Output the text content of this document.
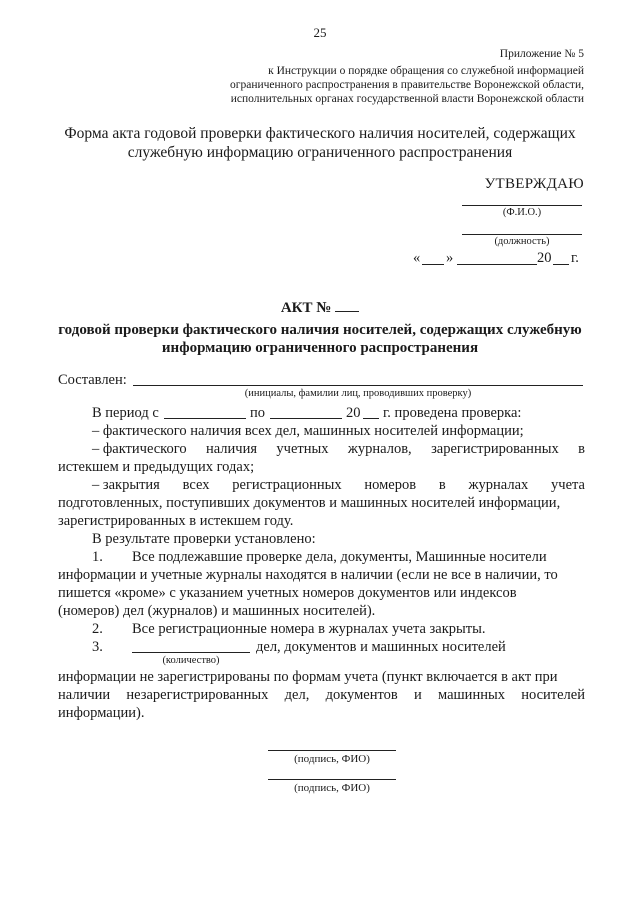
25
Приложение № 5
к Инструкции о порядке обращения со служебной информацией
ограниченного распространения в правительстве Воронежской области,
исполнительных органах государственной власти Воронежской области
Форма акта годовой проверки фактического наличия носителей, содержащих
служебную информацию ограниченного распространения
УТВЕРЖДАЮ
(Ф.И.О.)
(должность)
« »	20 г.
АКТ №
годовой проверки фактического наличия носителей, содержащих служебную
информацию ограниченного распространения
Составлен:
(инициалы, фамилии лиц, проводивших проверку)
В период с	по	20 г. проведена проверка:
– фактического наличия всех дел, машинных носителей информации;
– фактического наличия учетных журналов, зарегистрированных в
истекшем и предыдущих годах;
– закрытия всех регистрационных номеров в журналах учета
подготовленных, поступивших документов и машинных носителей информации,
зарегистрированных в истекшем году.
В результате проверки установлено:
1. Все подлежавшие проверке дела, документы, Машинные носители
информации и учетные журналы находятся в наличии (если не все в наличии, то
пишется «кроме» с указанием учетных номеров документов или индексов
(номеров) дел (журналов) и машинных носителей).
2. Все регистрационные номера в журналах учета закрыты.
3.	дел, документов и машинных носителей
(количество)
информации не зарегистрированы по формам учета (пункт включается в акт при
наличии незарегистрированных дел, документов и машинных носителей
информации).
(подпись, ФИО)
(подпись, ФИО)
